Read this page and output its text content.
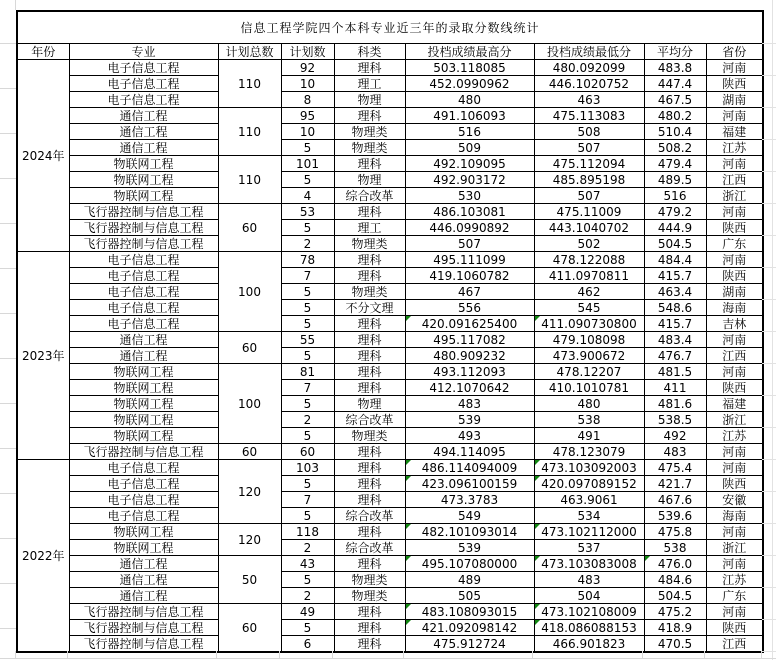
信息工程学院四个本科专业近三年的录取分数线统计								
年份	专业	计划总数	计划数	科类	投档成绩最高分	投档成绩最低分	平均分	省份
2024年	电子信息工程	110	92	理科	503.118085	480.092099	483.8	河南
	电子信息工程		10	理工	452.0990962	446.1020752	447.4	陕西
	电子信息工程		8	物理	480	463	467.5	湖南
	通信工程	110	95	理科	491.106093	475.113083	480.2	河南
	通信工程		10	物理类	516	508	510.4	福建
	通信工程		5	物理类	509	507	508.2	江苏
	物联网工程	110	101	理科	492.109095	475.112094	479.4	河南
	物联网工程		5	物理	492.903172	485.895198	489.5	江西
	物联网工程		4	综合改革	530	507	516	浙江
	飞行器控制与信息工程	60	53	理科	486.103081	475.11009	479.2	河南
	飞行器控制与信息工程		5	理工	446.0990892	443.1040702	444.9	陕西
	飞行器控制与信息工程		2	物理类	507	502	504.5	广东
2023年	电子信息工程	100	78	理科	495.111099	478.122088	484.4	河南
	电子信息工程		7	理科	419.1060782	411.0970811	415.7	陕西
	电子信息工程		5	物理类	467	462	463.4	湖南
	电子信息工程		5	不分文理	556	545	548.6	海南
	电子信息工程		5	理科	420.091625400	411.090730800	415.7	吉林
	通信工程	60	55	理科	495.117082	479.108098	483.4	河南
	通信工程		5	理科	480.909232	473.900672	476.7	江西
	物联网工程	100	81	理科	493.112093	478.12207	481.5	河南
	物联网工程		7	理科	412.1070642	410.1010781	411	陕西
	物联网工程		5	物理	483	480	481.6	福建
	物联网工程		2	综合改革	539	538	538.5	浙江
	物联网工程		5	物理类	493	491	492	江苏
	飞行器控制与信息工程	60	60	理科	494.114095	478.123079	483	河南
2022年	电子信息工程	120	103	理科	486.114094009	473.103092003	475.4	河南
	电子信息工程		5	理科	423.096100159	420.097089152	421.7	陕西
	电子信息工程		7	理科	473.3783	463.9061	467.6	安徽
	电子信息工程		5	综合改革	549	534	539.6	海南
	物联网工程	120	118	理科	482.101093014	473.102112000	475.8	河南
	物联网工程		2	综合改革	539	537	538	浙江
	通信工程	50	43	理科	495.107080000	473.103083008	476.0	河南
	通信工程		5	物理类	489	483	484.6	江苏
	通信工程		2	物理类	505	504	504.5	广东
	飞行器控制与信息工程	60	49	理科	483.108093015	473.102108009	475.2	河南
	飞行器控制与信息工程		5	理科	421.092098142	418.086088153	418.9	陕西
	飞行器控制与信息工程		6	理科	475.912724	466.901823	470.5	江西
